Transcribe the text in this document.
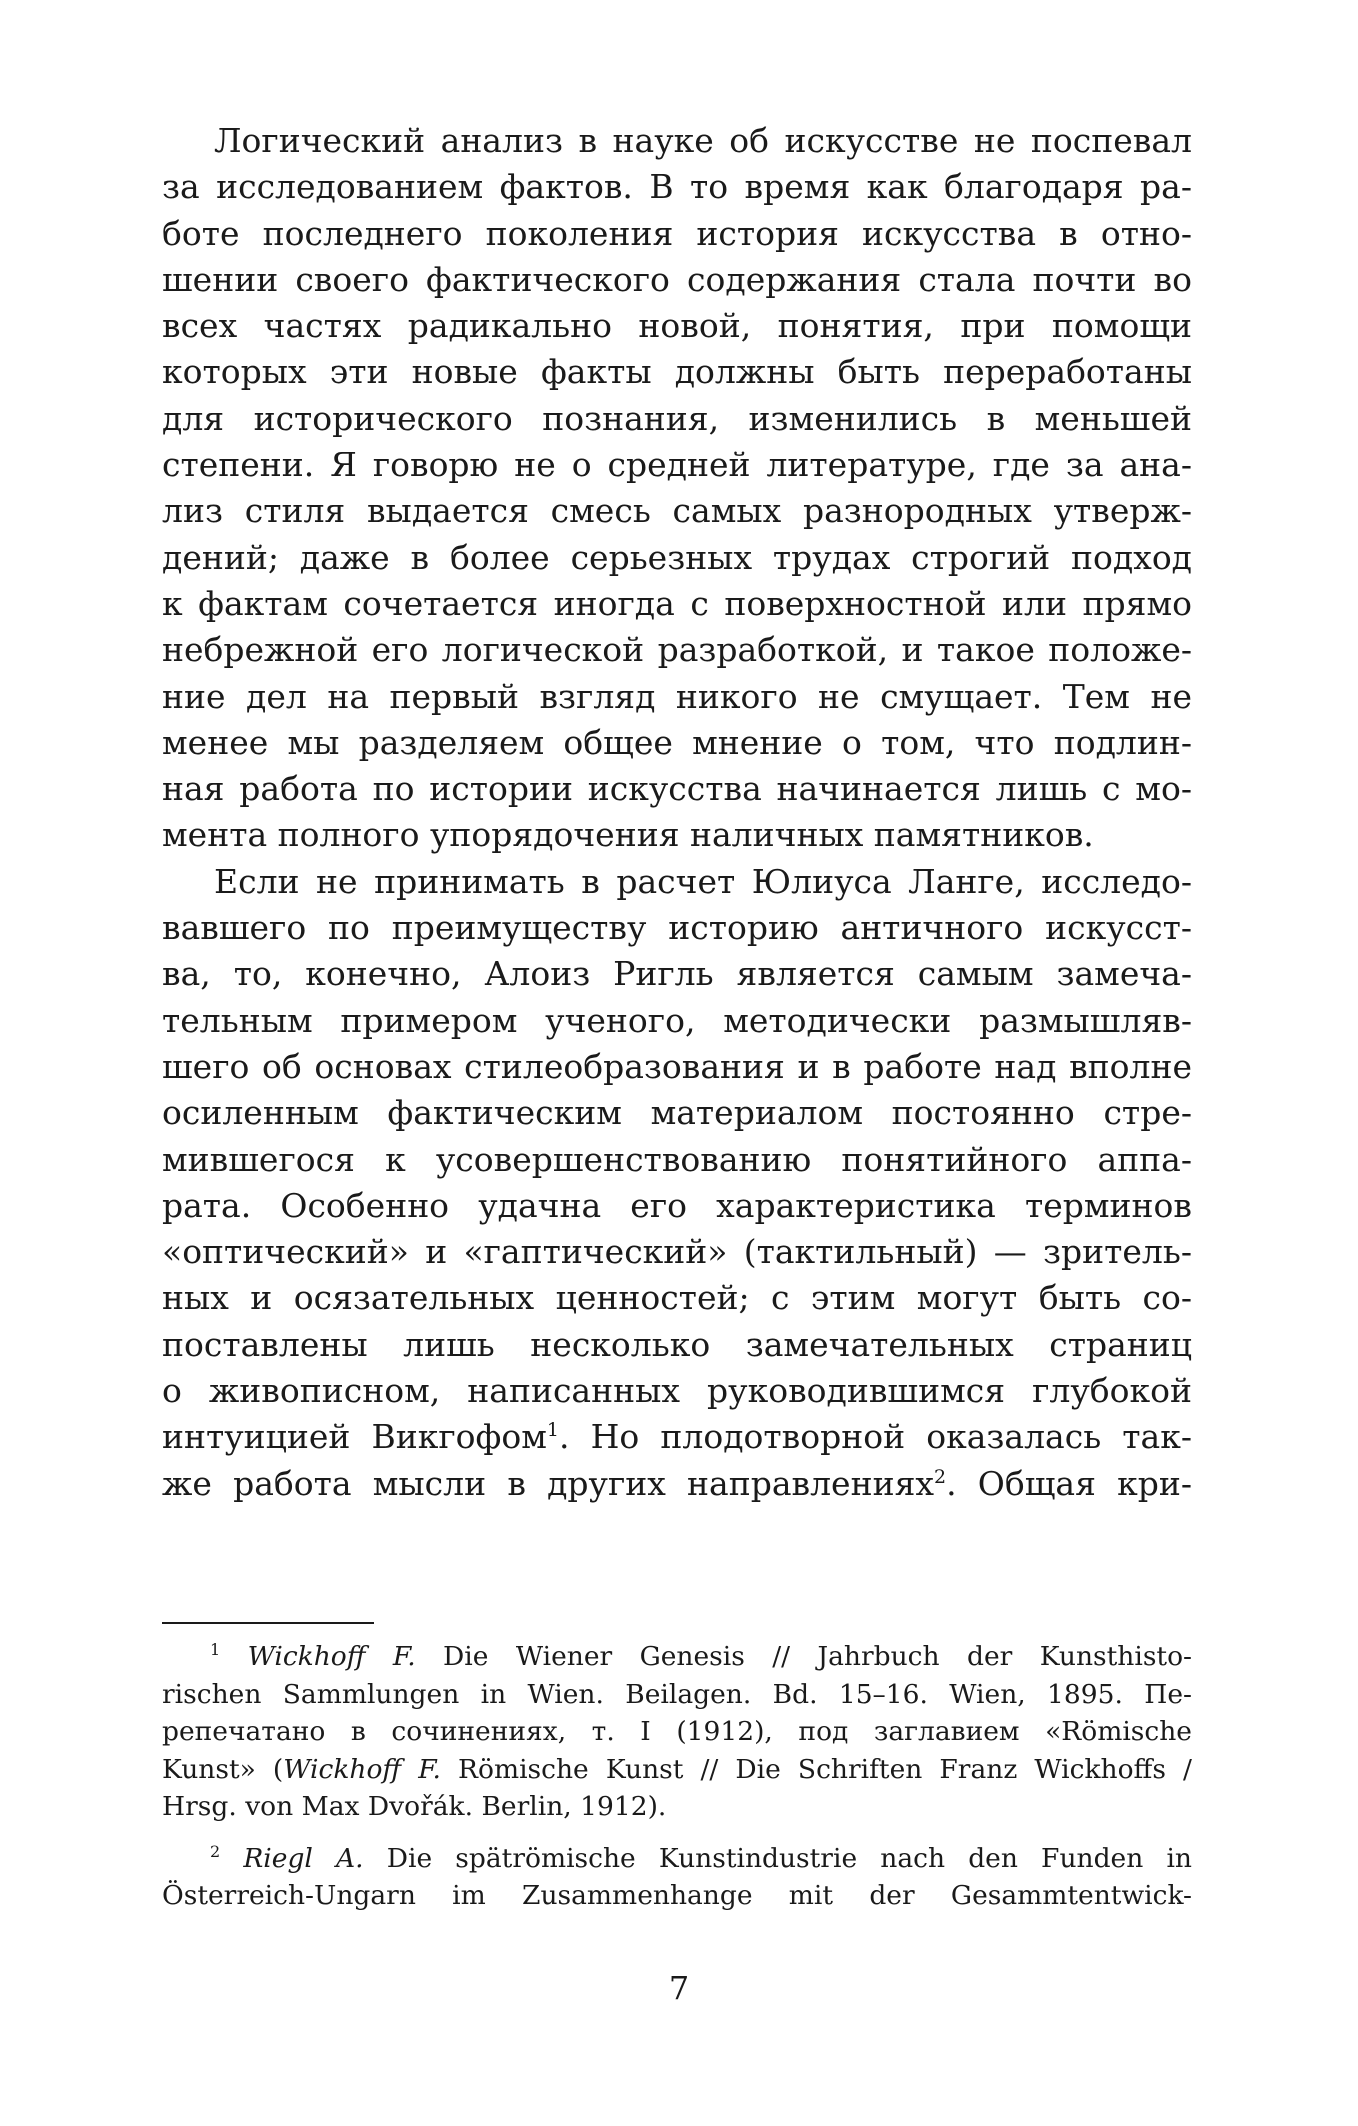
Логический анализ в науке об искусстве не поспевал
за исследованием фактов. В то время как благодаря ра-
боте последнего поколения история искусства в отно-
шении своего фактического содержания стала почти во
всех частях радикально новой, понятия, при помощи
которых эти новые факты должны быть переработаны
для исторического познания, изменились в меньшей
степени. Я говорю не о средней литературе, где за ана-
лиз стиля выдается смесь самых разнородных утверж-
дений; даже в более серьезных трудах строгий подход
к фактам сочетается иногда с поверхностной или прямо
небрежной его логической разработкой, и такое положе-
ние дел на первый взгляд никого не смущает. Тем не
менее мы разделяем общее мнение о том, что подлин-
ная работа по истории искусства начинается лишь с мо-
мента полного упорядочения наличных памятников.
Если не принимать в расчет Юлиуса Ланге, исследо-
вавшего по преимуществу историю античного искусст-
ва, то, конечно, Алоиз Ригль является самым замеча-
тельным примером ученого, методически размышляв-
шего об основах стилеобразования и в работе над вполне
осиленным фактическим материалом постоянно стре-
мившегося к усовершенствованию понятийного аппа-
рата. Особенно удачна его характеристика терминов
«оптический» и «гаптический» (тактильный) — зритель-
ных и осязательных ценностей; с этим могут быть со-
поставлены лишь несколько замечательных страниц
о живописном, написанных руководившимся глубокой
интуицией Викгофом$^1$. Но плодотворной оказалась так-
же работа мысли в других направлениях$^2$. Общая кри-
$^1$ Wickhoff F. Die Wiener Genesis // Jahrbuch der Kunsthisto-
rischen Sammlungen in Wien. Beilagen. Bd. 15–16. Wien, 1895. Пе-
репечатано в сочинениях, т. I (1912), под заглавием «Römische
Kunst» (Wickhoff F. Römische Kunst // Die Schriften Franz Wickhoffs /
Hrsg. von Max Dvořák. Berlin, 1912).
$^2$ Riegl A. Die spätrömische Kunstindustrie nach den Funden in
Österreich-Ungarn im Zusammenhange mit der Gesammtentwick-
7
